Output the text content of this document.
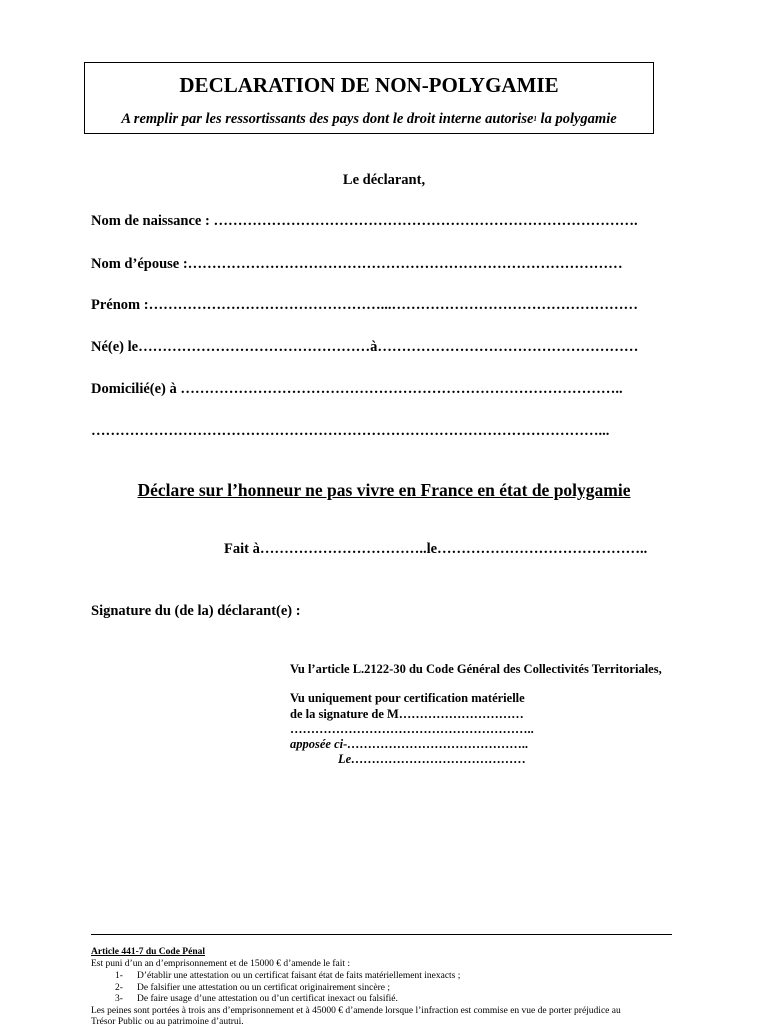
DECLARATION DE NON-POLYGAMIE
A remplir par les ressortissants des pays dont le droit interne autorise$^1$ la polygamie
Le déclarant,
Nom de naissance : …………………………………………………………………………….
Nom d’épouse :………………………………………………………………………………
Prénom :…………………………………………...……………………………………………
Né(e) le…………………………………………à………………………………………………
Domicilié(e) à ………………………………………………………………………………..
……………………………………………………………………………………………...
Déclare sur l’honneur ne pas vivre en France en état de polygamie
Fait à……………………………..le……………………………………..
Signature du (de la) déclarant(e) :
Vu l’article L.2122-30 du Code Général des Collectivités Territoriales,
Vu uniquement pour certification matérielle
de la signature de M…………………………
…………………………………………………..
apposée ci-……………………………………..
Le……………………………………
Article 441-7 du Code Pénal
Est puni d’un an d’emprisonnement et de 15000 € d’amende le fait :
1- D’établir une attestation ou un certificat faisant état de faits matériellement inexacts ;
2- De falsifier une attestation ou un certificat originairement sincère ;
3- De faire usage d’une attestation ou d’un certificat inexact ou falsifié.
Les peines sont portées à trois ans d’emprisonnement et à 45000 € d’amende lorsque l’infraction est commise en vue de porter préjudice au
Trésor Public ou au patrimoine d’autrui.
